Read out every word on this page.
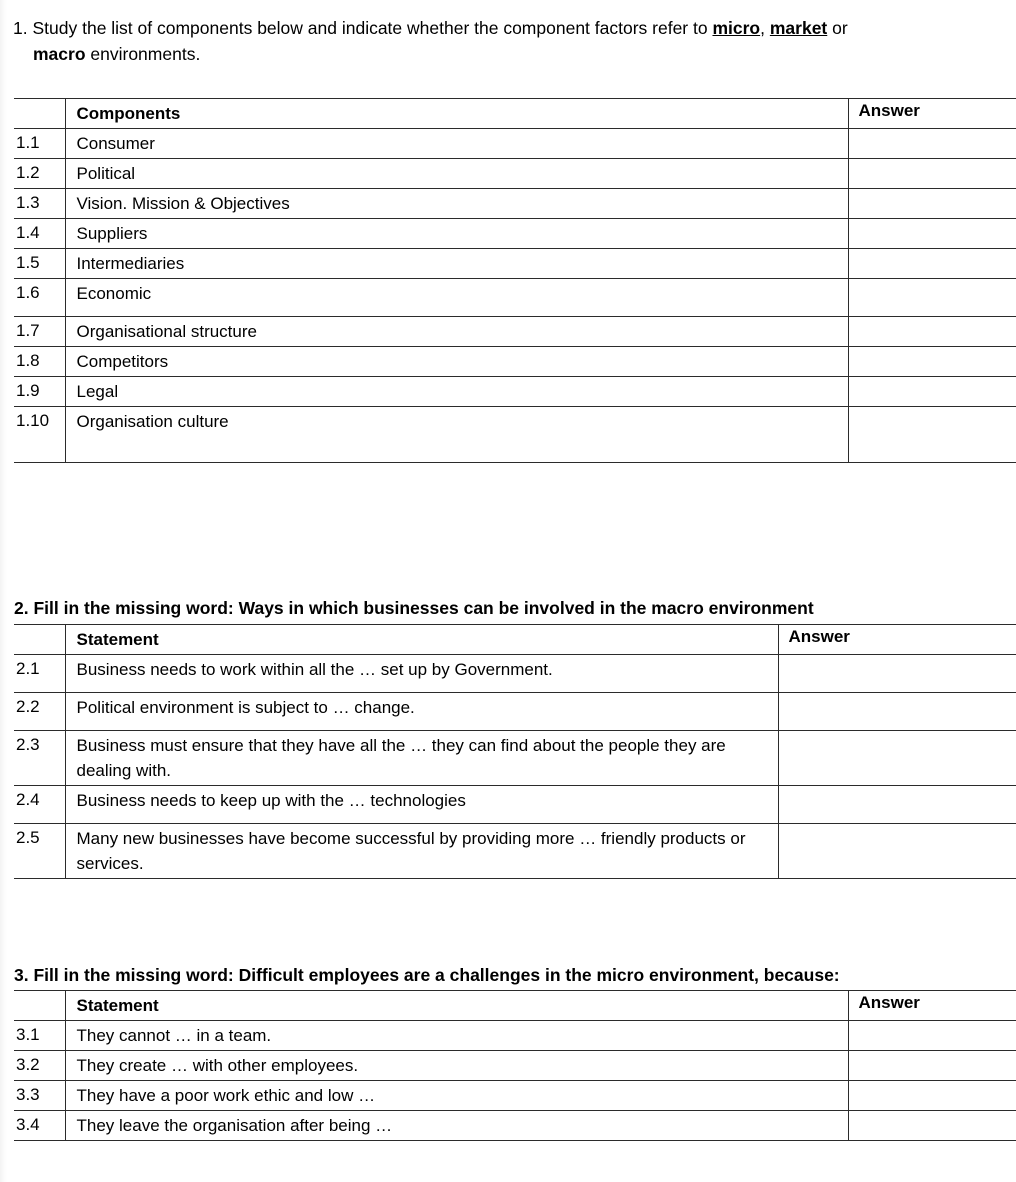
1. Study the list of components below and indicate whether the component factors refer to micro, market or
macro environments.
	Components	Answer
1.1	Consumer	
1.2	Political	
1.3	Vision. Mission & Objectives	
1.4	Suppliers	
1.5	Intermediaries	
1.6	Economic	
1.7	Organisational structure	
1.8	Competitors	
1.9	Legal	
1.10	Organisation culture	
2. Fill in the missing word: Ways in which businesses can be involved in the macro environment
	Statement	Answer
2.1	Business needs to work within all the … set up by Government.	
2.2	Political environment is subject to … change.	
2.3	Business must ensure that they have all the … they can find about the people they are dealing with.	
2.4	Business needs to keep up with the … technologies	
2.5	Many new businesses have become successful by providing more … friendly products or services.	
3. Fill in the missing word: Difficult employees are a challenges in the micro environment, because:
	Statement	Answer
3.1	They cannot … in a team.	
3.2	They create … with other employees.	
3.3	They have a poor work ethic and low …	
3.4	They leave the organisation after being …	
